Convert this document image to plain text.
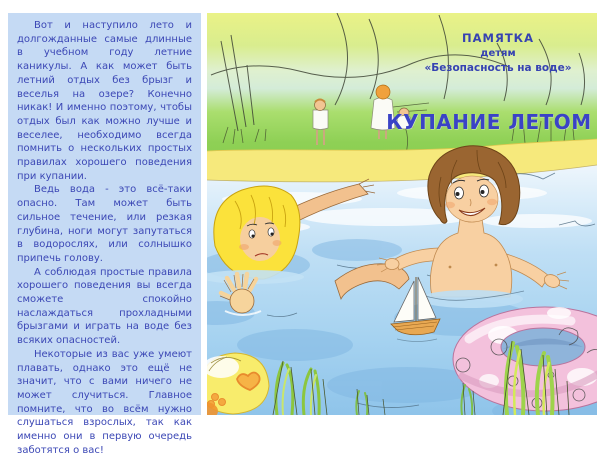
Вот и наступило лето и долгожданные самые длинные в учебном году летние каникулы. А как может быть летний отдых без брызг и веселья на озере? Конечно никак! И именно поэтому, чтобы отдых был как можно лучше и веселее, необходимо всегда помнить о нескольких простых правилах хорошего поведения при купании.

Ведь вода - это всё-таки опасно. Там может быть сильное течение, или резкая глубина, ноги могут запутаться в водорослях, или солнышко припечь голову.

А соблюдая простые правила хорошего поведения вы всегда сможете спокойно наслаждаться прохладными брызгами и играть на воде без всяких опасностей.

Некоторые из вас уже умеют плавать, однако это ещё не значит, что с вами ничего не может случиться. Главное помните, что во всём нужно слушаться взрослых, так как именно они в первую очередь заботятся о вас!

ПАМЯТКА
детям
«Безопасность на воде»
КУПАНИЕ ЛЕТОМ
